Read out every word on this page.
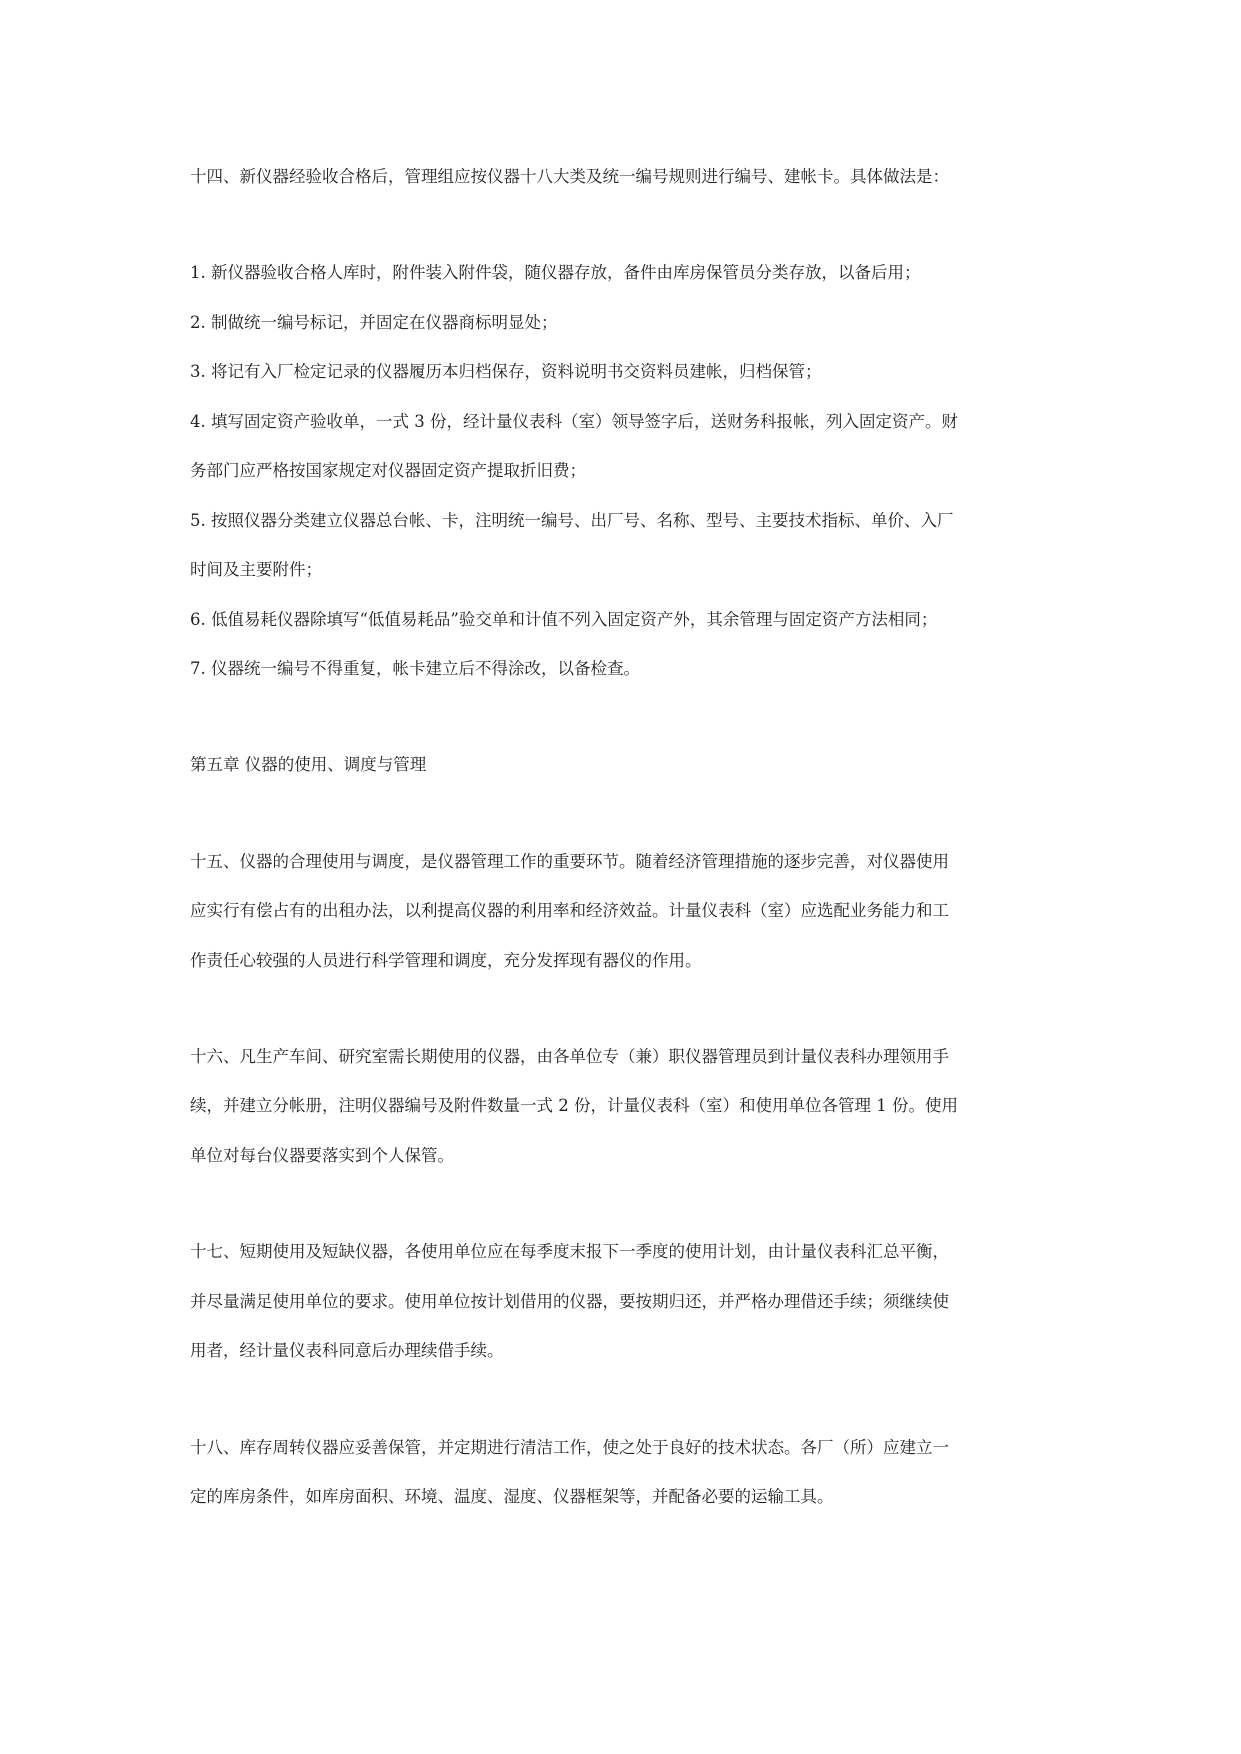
十四、新仪器经验收合格后，管理组应按仪器十八大类及统一编号规则进行编号、建帐卡。具体做法是：
1. 新仪器验收合格人库时，附件装入附件袋，随仪器存放，备件由库房保管员分类存放，以备后用；
2. 制做统一编号标记，并固定在仪器商标明显处；
3. 将记有入厂检定记录的仪器履历本归档保存，资料说明书交资料员建帐，归档保管；
4. 填写固定资产验收单，一式 3 份，经计量仪表科（室）领导签字后，送财务科报帐，列入固定资产。财
务部门应严格按国家规定对仪器固定资产提取折旧费；
5. 按照仪器分类建立仪器总台帐、卡，注明统一编号、出厂号、名称、型号、主要技术指标、单价、入厂
时间及主要附件；
6. 低值易耗仪器除填写“低值易耗品”验交单和计值不列入固定资产外，其余管理与固定资产方法相同；
7. 仪器统一编号不得重复，帐卡建立后不得涂改，以备检查。
第五章 仪器的使用、调度与管理
十五、仪器的合理使用与调度，是仪器管理工作的重要环节。随着经济管理措施的逐步完善，对仪器使用
应实行有偿占有的出租办法，以利提高仪器的利用率和经济效益。计量仪表科（室）应选配业务能力和工
作责任心较强的人员进行科学管理和调度，充分发挥现有器仪的作用。
十六、凡生产车间、研究室需长期使用的仪器，由各单位专（兼）职仪器管理员到计量仪表科办理领用手
续，并建立分帐册，注明仪器编号及附件数量一式 2 份，计量仪表科（室）和使用单位各管理 1 份。使用
单位对每台仪器要落实到个人保管。
十七、短期使用及短缺仪器，各使用单位应在每季度末报下一季度的使用计划，由计量仪表科汇总平衡，
并尽量满足使用单位的要求。使用单位按计划借用的仪器，要按期归还，并严格办理借还手续；须继续使
用者，经计量仪表科同意后办理续借手续。
十八、库存周转仪器应妥善保管，并定期进行清洁工作，使之处于良好的技术状态。各厂（所）应建立一
定的库房条件，如库房面积、环境、温度、湿度、仪器框架等，并配备必要的运输工具。
